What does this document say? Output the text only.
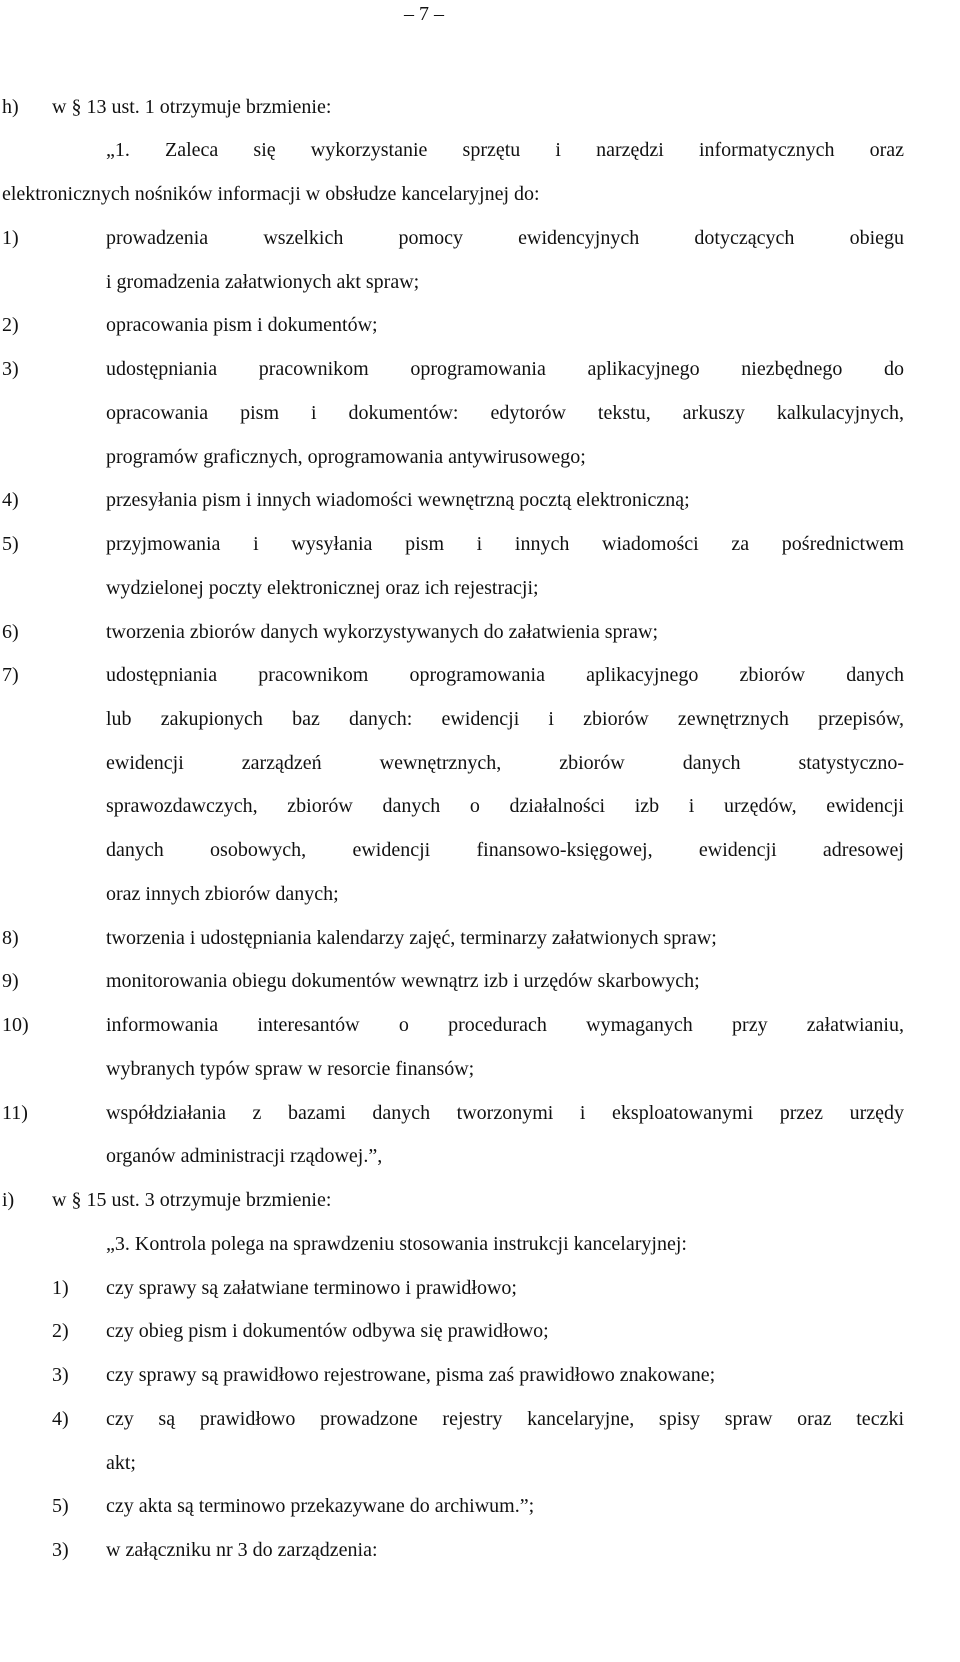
– 7 –
h) w § 13 ust. 1 otrzymuje brzmienie:
„1. Zaleca się wykorzystanie sprzętu i narzędzi informatycznych oraz
elektronicznych nośników informacji w obsłudze kancelaryjnej do:
1)	prowadzenia wszelkich pomocy ewidencyjnych dotyczących obiegu
i gromadzenia załatwionych akt spraw;
2)	opracowania pism i dokumentów;
3)	udostępniania pracownikom oprogramowania aplikacyjnego niezbędnego do
opracowania pism i dokumentów: edytorów tekstu, arkuszy kalkulacyjnych,
programów graficznych, oprogramowania antywirusowego;
4)	przesyłania pism i innych wiadomości wewnętrzną pocztą elektroniczną;
5)	przyjmowania i wysyłania pism i innych wiadomości za pośrednictwem
wydzielonej poczty elektronicznej oraz ich rejestracji;
6)	tworzenia zbiorów danych wykorzystywanych do załatwienia spraw;
7)	udostępniania pracownikom oprogramowania aplikacyjnego zbiorów danych
lub zakupionych baz danych: ewidencji i zbiorów zewnętrznych przepisów,
ewidencji zarządzeń wewnętrznych, zbiorów danych statystyczno-
sprawozdawczych, zbiorów danych o działalności izb i urzędów, ewidencji
danych osobowych, ewidencji finansowo-księgowej, ewidencji adresowej
oraz innych zbiorów danych;
8)	tworzenia i udostępniania kalendarzy zajęć, terminarzy załatwionych spraw;
9)	monitorowania obiegu dokumentów wewnątrz izb i urzędów skarbowych;
10)	informowania interesantów o procedurach wymaganych przy załatwianiu,
wybranych typów spraw w resorcie finansów;
11)	współdziałania z bazami danych tworzonymi i eksploatowanymi przez urzędy
organów administracji rządowej.”,
i) w § 15 ust. 3 otrzymuje brzmienie:
„3. Kontrola polega na sprawdzeniu stosowania instrukcji kancelaryjnej:
1) czy sprawy są załatwiane terminowo i prawidłowo;
2) czy obieg pism i dokumentów odbywa się prawidłowo;
3) czy sprawy są prawidłowo rejestrowane, pisma zaś prawidłowo znakowane;
4) czy są prawidłowo prowadzone rejestry kancelaryjne, spisy spraw oraz teczki
akt;
5) czy akta są terminowo przekazywane do archiwum.”;
3) w załączniku nr 3 do zarządzenia:
